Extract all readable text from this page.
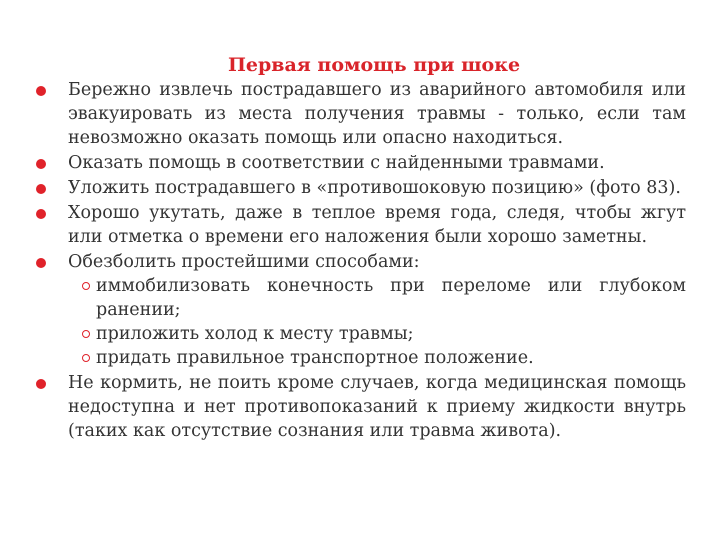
Первая помощь при шоке
Бережно извлечь пострадавшего из аварийного автомобиля или эвакуировать из места получения травмы - только, если там невозможно оказать помощь или опасно находиться.
Оказать помощь в соответствии с найденными травмами.
Уложить пострадавшего в «противошоковую позицию» (фото 83).
Хорошо укутать, даже в теплое время года, следя, чтобы жгут или отметка о времени его наложения были хорошо заметны.
Обезболить простейшими способами:
иммобилизовать конечность при переломе или глубоком ранении;
приложить холод к месту травмы;
придать правильное транспортное положение.
Не кормить, не поить кроме случаев, когда медицинская помощь недоступна и нет противопоказаний к приему жидкости внутрь (таких как отсутствие сознания или травма живота).
